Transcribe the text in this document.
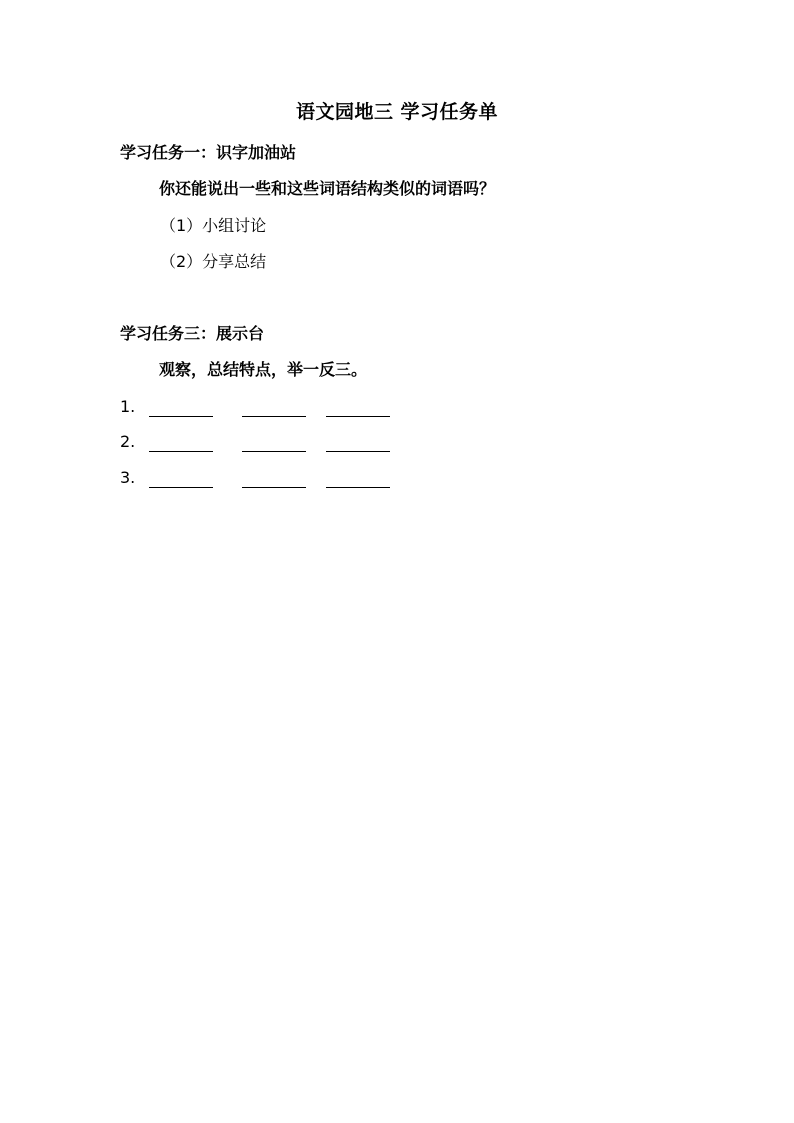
语文园地三 学习任务单
学习任务一：识字加油站
你还能说出一些和这些词语结构类似的词语吗？
（1）小组讨论
（2）分享总结
学习任务三：展示台
观察，总结特点，举一反三。
1.
2.
3.
